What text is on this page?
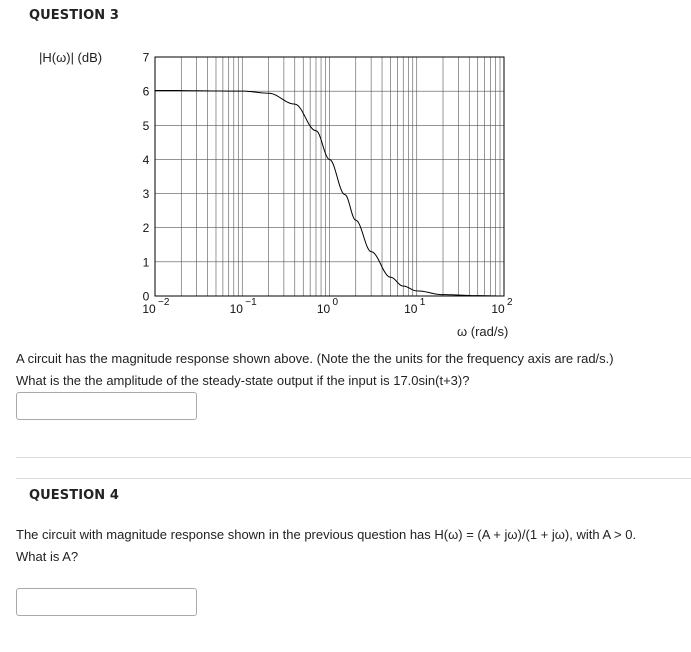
QUESTION 3
0
1
2
3
4
5
6
7
10 −2	10 −1	10 0	10 1	10 2
|H(ω)| (dB)
ω (rad/s)
A circuit has the magnitude response shown above. (Note the the units for the frequency axis are rad/s.)
What is the the amplitude of the steady-state output if the input is 17.0sin(t+3)?
QUESTION 4
The circuit with magnitude response shown in the previous question has H(ω) = (A + jω)/(1 + jω), with A > 0.
What is A?
